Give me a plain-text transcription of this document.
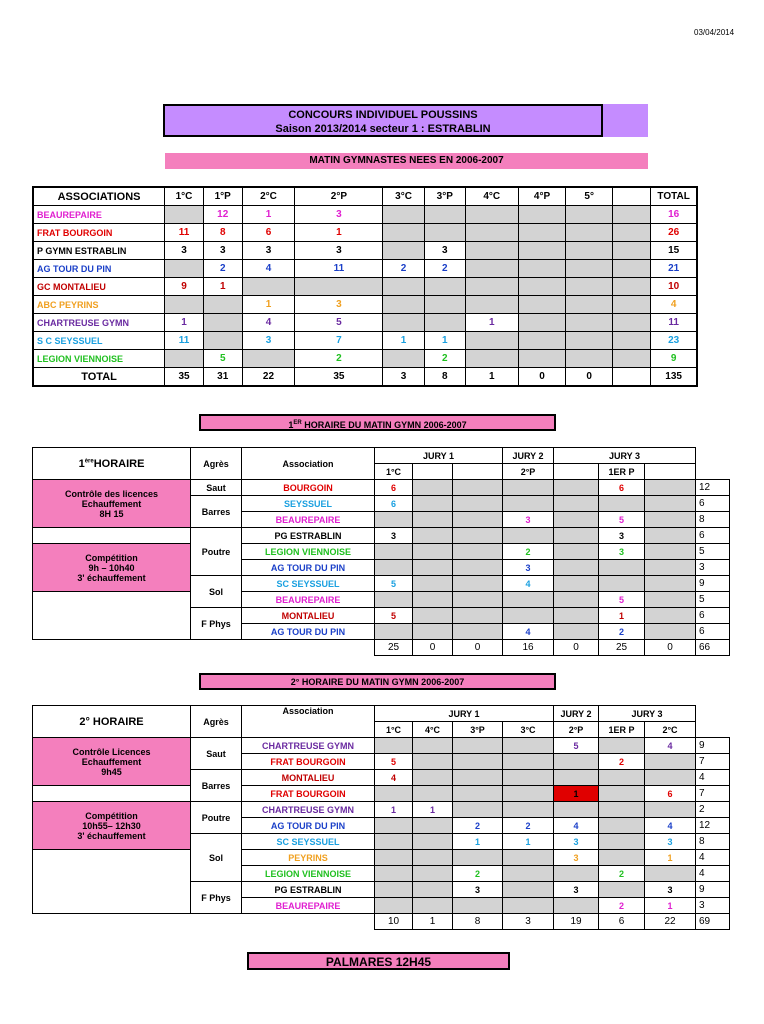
03/04/2014
CONCOURS INDIVIDUEL POUSSINS
Saison 2013/2014 secteur 1 : ESTRABLIN
MATIN GYMNASTES NEES EN 2006-2007
ASSOCIATIONS	1°C	1°P	2°C	2°P	3°C	3°P	4°C	4°P	5°		TOTAL
BEAUREPAIRE		12	1	3							16
FRAT BOURGOIN	11	8	6	1							26
P GYMN ESTRABLIN	3	3	3	3		3					15
AG TOUR DU PIN		2	4	11	2	2					21
GC MONTALIEU	9	1									10
ABC PEYRINS			1	3							4
CHARTREUSE GYMN	1		4	5			1				11
S C SEYSSUEL	11		3	7	1	1					23
LEGION VIENNOISE		5		2		2					9
TOTAL	35	31	22	35	3	8	1	0	0		135
1ER HORAIRE DU MATIN GYMN 2006-2007
1èreHORAIRE	Agrès	Association	JURY 1			JURY 2	JURY 3			
			1°C			2°P		1ER P		

Contrôle des licences
Echauffement
8H 15	Saut	BOURGOIN	6					6		12
	Barres	SEYSSUEL	6							6
		BEAUREPAIRE				3		5		8

	Poutre	PG ESTRABLIN	3					3		6

Compétition
9h – 10h40
3' échauffement		LEGION VIENNOISE				2		3		5
		AG TOUR DU PIN				3				3
	Sol	SC SEYSSUEL	5			4				9

		BEAUREPAIRE						5		5
	F Phys	MONTALIEU	5					1		6
		AG TOUR DU PIN				4		2		6
			25	0	0	16	0	25	0	66
2° HORAIRE DU MATIN GYMN 2006-2007
2° HORAIRE	Agrès	Association	JURY 1				JURY 2	JURY 3		
			1°C	4°C	3°P	3°C	2°P	1ER P	2°C	

Contrôle Licences
Echauffement
9h45	Saut	CHARTREUSE GYMN					5		4	9
		FRAT BOURGOIN	5					2		7
	Barres	MONTALIEU	4							4

		FRAT BOURGOIN					1		6	7

Compétition
10h55– 12h30
3' échauffement	Poutre	CHARTREUSE GYMN	1	1						2
		AG TOUR DU PIN			2	2	4		4	12
	Sol	SC SEYSSUEL			1	1	3		3	8

		PEYRINS					3		1	4
		LEGION VIENNOISE			2			2		4
	F Phys	PG ESTRABLIN			3		3		3	9
		BEAUREPAIRE						2	1	3
			10	1	8	3	19	6	22	69
PALMARES 12H45
